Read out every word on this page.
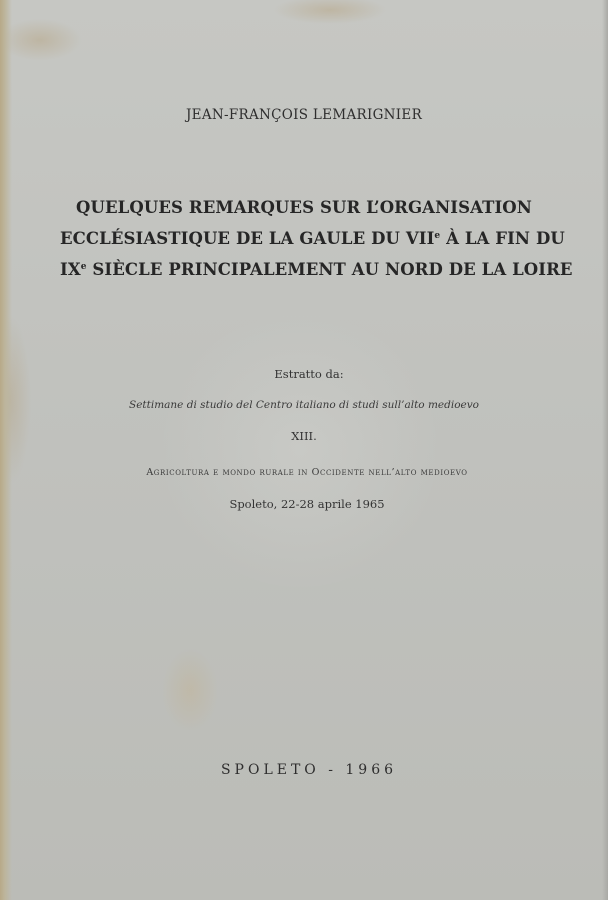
JEAN-FRANÇOIS LEMARIGNIER
QUELQUES REMARQUES SUR L’ORGANISATION
ECCLÉSIASTIQUE DE LA GAULE DU VIIe À LA FIN DU
IXe SIÈCLE PRINCIPALEMENT AU NORD DE LA LOIRE
Estratto da:
Settimane di studio del Centro italiano di studi sull’alto medioevo
XIII.
Agricoltura e mondo rurale in Occidente nell’alto medioevo
Spoleto, 22-28 aprile 1965
SPOLETO - 1966
